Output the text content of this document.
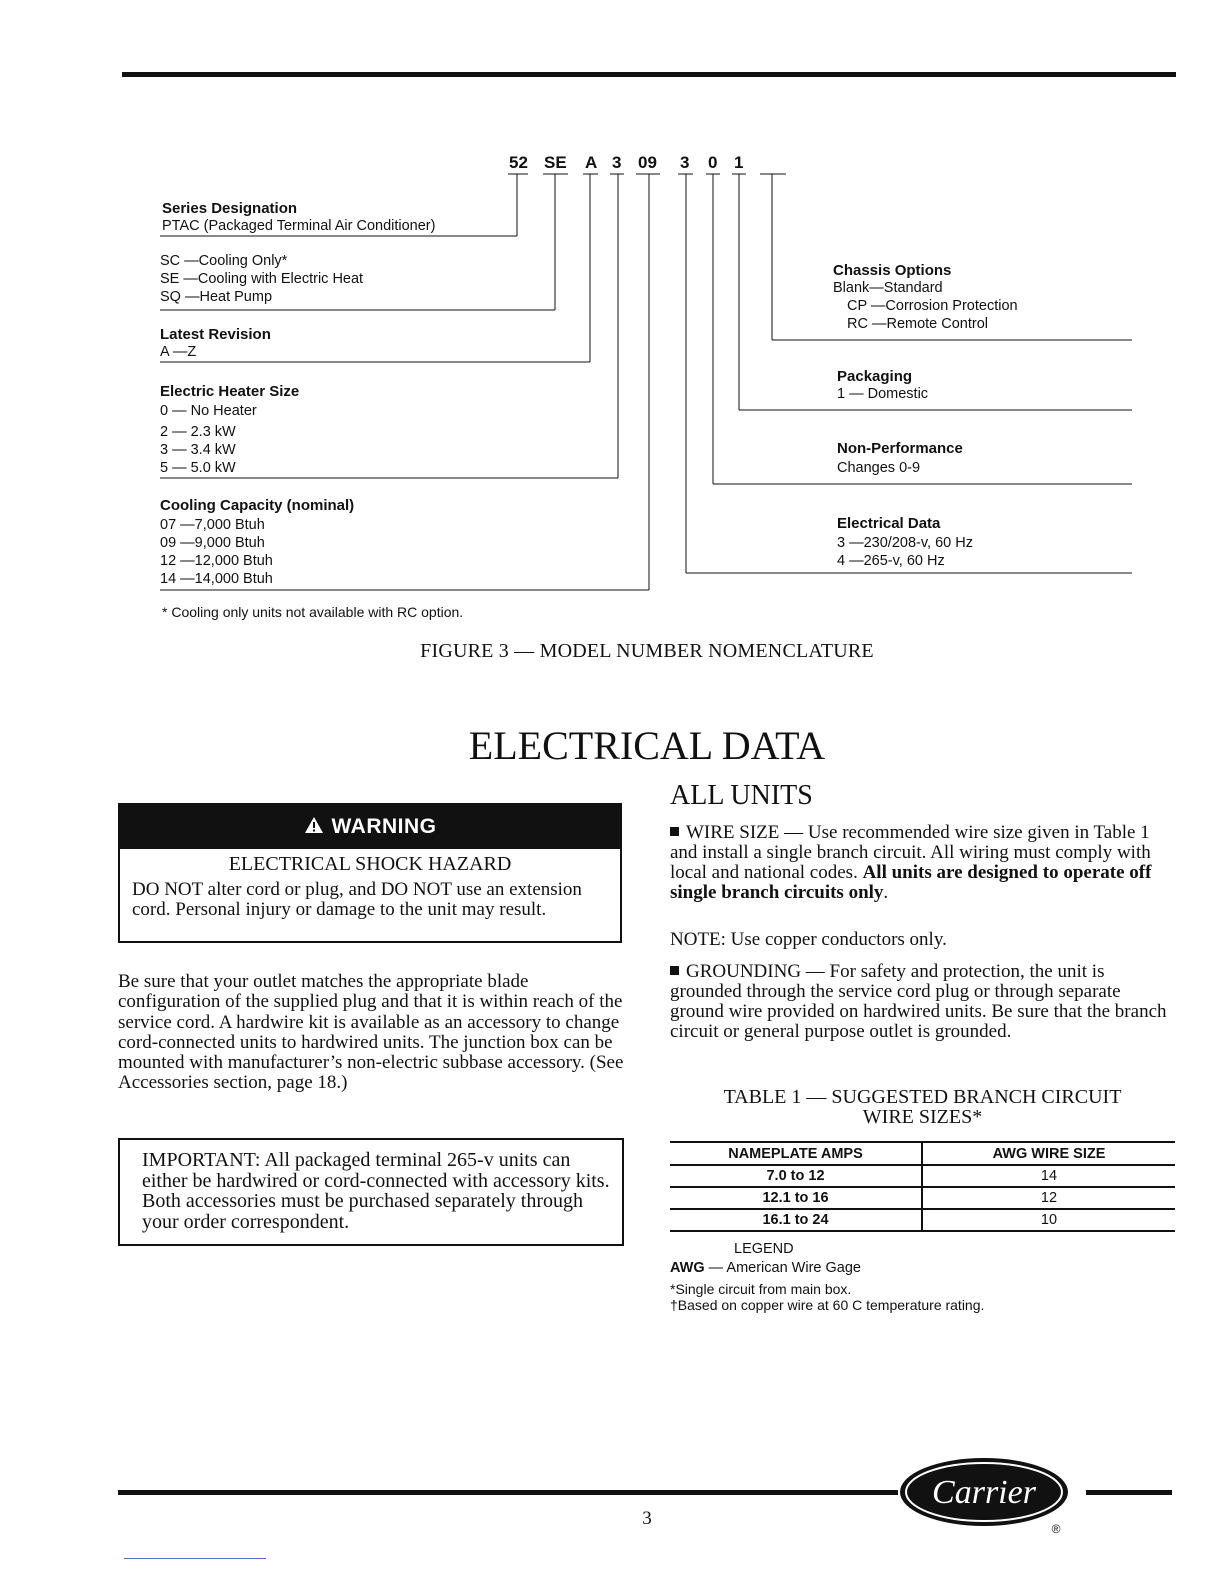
52 SE A 3 09 3 0 1
Series Designation
PTAC (Packaged Terminal Air Conditioner)
SC —Cooling Only*
SE —Cooling with Electric Heat
SQ —Heat Pump
Latest Revision
A —Z
Electric Heater Size
0 — No Heater
2 — 2.3 kW
3 — 3.4 kW
5 — 5.0 kW
Cooling Capacity (nominal)
07 —7,000 Btuh
09 —9,000 Btuh
12 —12,000 Btuh
14 —14,000 Btuh
* Cooling only units not available with RC option.
Chassis Options
Blank—Standard
CP —Corrosion Protection
RC —Remote Control
Packaging
1 — Domestic
Non-Performance
Changes 0-9
Electrical Data
3 —230/208-v, 60 Hz
4 —265-v, 60 Hz
FIGURE 3 — MODEL NUMBER NOMENCLATURE
ELECTRICAL DATA
WARNING
ELECTRICAL SHOCK HAZARD
DO NOT alter cord or plug, and DO NOT use an extension cord. Personal injury or damage to the unit may result.
Be sure that your outlet matches the appropriate blade configuration of the supplied plug and that it is within reach of the service cord. A hardwire kit is available as an accessory to change cord-connected units to hardwired units. The junction box can be mounted with manufacturer’s non-electric subbase accessory. (See Accessories section, page 18.)
IMPORTANT: All packaged terminal 265-v units can either be hardwired or cord-connected with accessory kits. Both accessories must be purchased separately through your order correspondent.
ALL UNITS
WIRE SIZE — Use recommended wire size given in Table 1 and install a single branch circuit. All wiring must comply with local and national codes. All units are designed to operate off single branch circuits only.
NOTE: Use copper conductors only.
GROUNDING — For safety and protection, the unit is grounded through the service cord plug or through separate ground wire provided on hardwired units. Be sure that the branch circuit or general purpose outlet is grounded.
TABLE 1 — SUGGESTED BRANCH CIRCUIT
WIRE SIZES*
NAMEPLATE AMPS	AWG WIRE SIZE
7.0 to 12	14
12.1 to 16	12
16.1 to 24	10
LEGEND
AWG — American Wire Gage
*Single circuit from main box.
†Based on copper wire at 60 C temperature rating.
3
Carrier
®
